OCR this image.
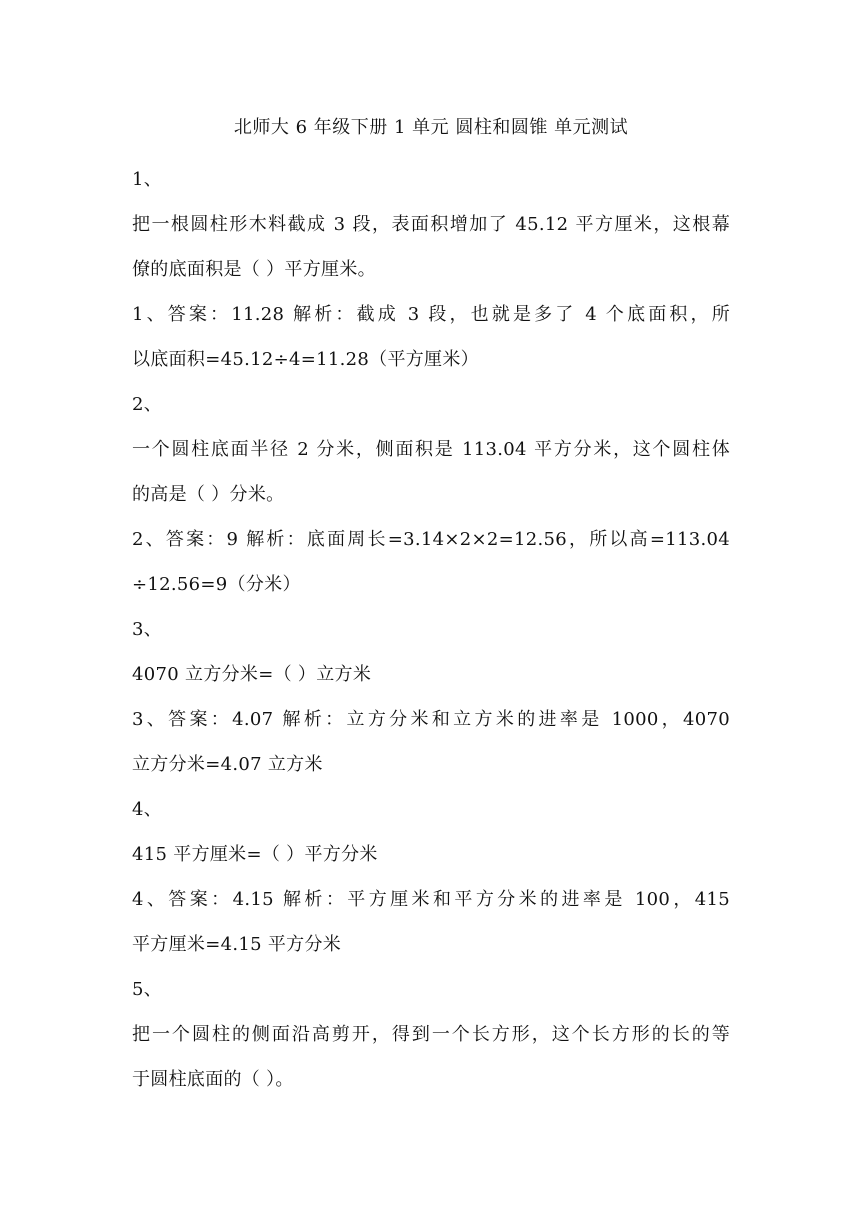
北师大 6 年级下册 1 单元 圆柱和圆锥 单元测试

1、

把一根圆柱形木料截成 3 段，表面积增加了 45.12 平方厘米，这根幕

僚的底面积是（ ）平方厘米。

1、答案：11.28 解析：截成 3 段，也就是多了 4 个底面积，所

以底面积=45.12÷4=11.28（平方厘米）

2、

一个圆柱底面半径 2 分米，侧面积是 113.04 平方分米，这个圆柱体

的高是（ ）分米。

2、答案：9 解析：底面周长=3.14×2×2=12.56，所以高=113.04

÷12.56=9（分米）

3、

4070 立方分米=（ ）立方米

3、答案：4.07 解析：立方分米和立方米的进率是 1000，4070

立方分米=4.07 立方米

4、

415 平方厘米=（ ）平方分米

4、答案：4.15 解析：平方厘米和平方分米的进率是 100，415

平方厘米=4.15 平方分米

5、

把一个圆柱的侧面沿高剪开，得到一个长方形，这个长方形的长的等

于圆柱底面的（ ）。
